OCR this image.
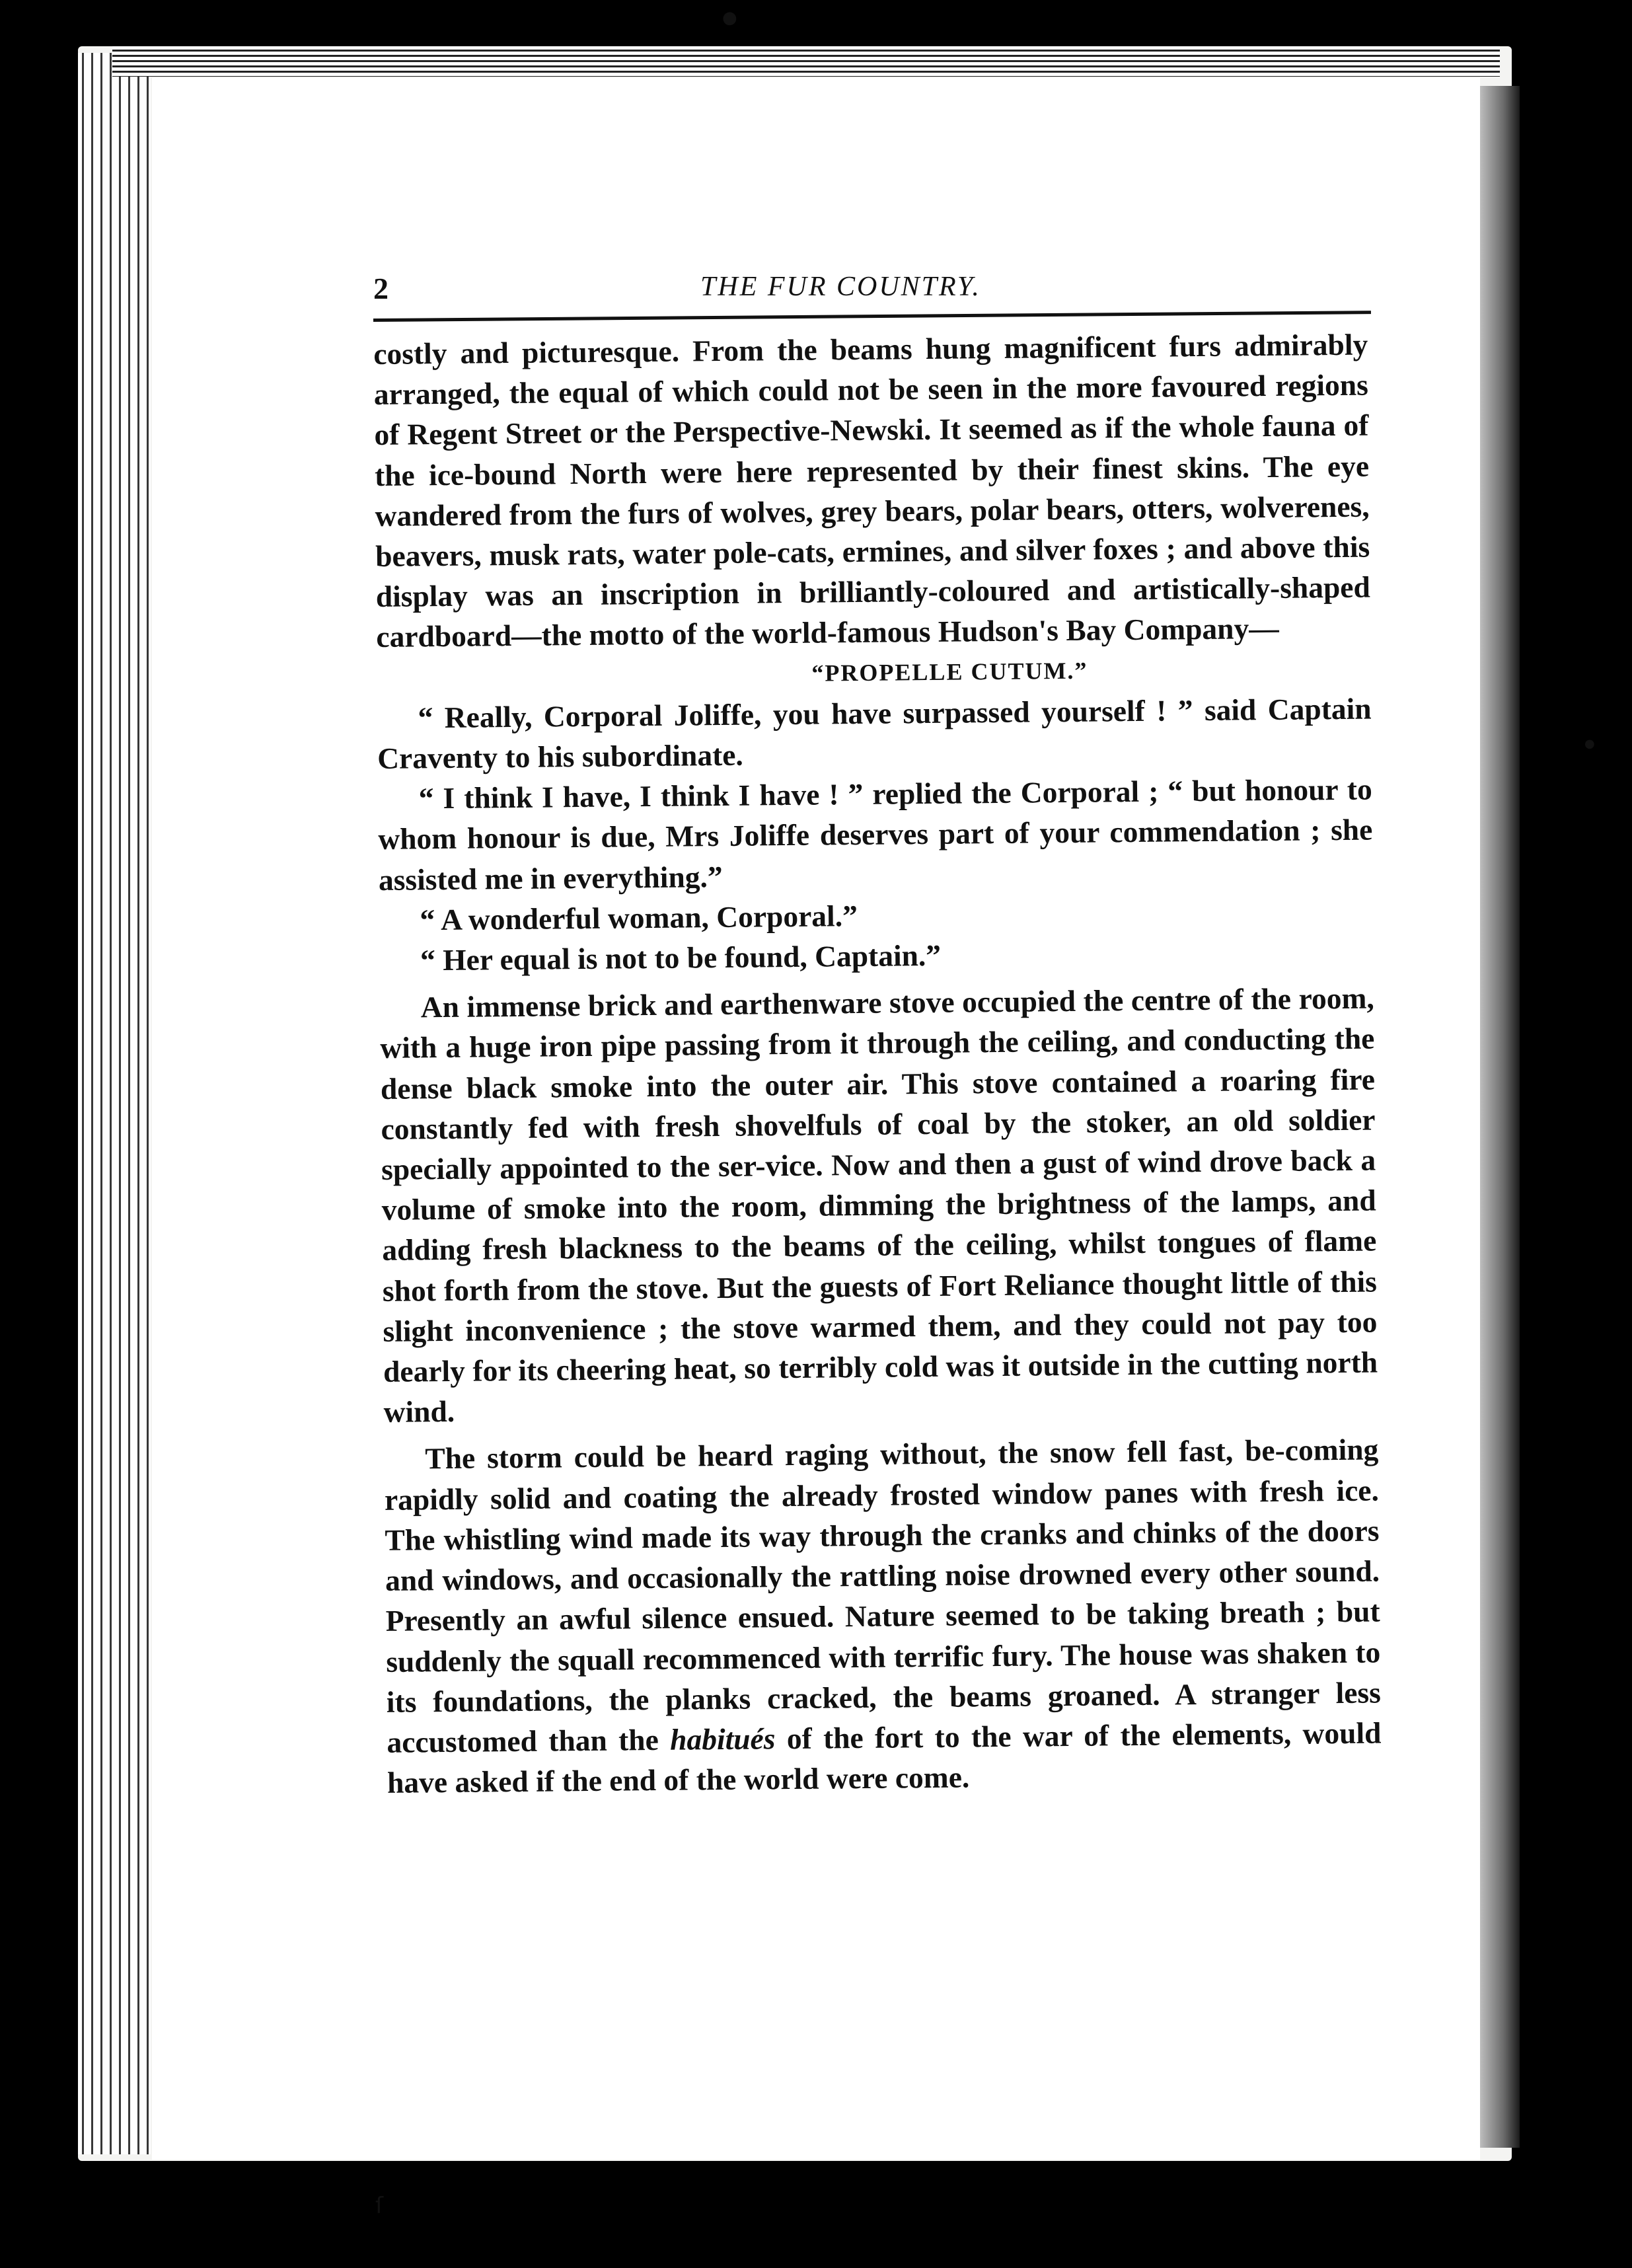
●
●
ſ
2	THE FUR COUNTRY.

costly and picturesque. From the beams hung magnificent furs admirably arranged, the equal of which could not be seen in the more favoured regions of Regent Street or the Perspective-Newski. It seemed as if the whole fauna of the ice-bound North were here represented by their finest skins. The eye wandered from the furs of wolves, grey bears, polar bears, otters, wolverenes, beavers, musk rats, water pole-cats, ermines, and silver foxes ; and above this display was an inscription in brilliantly-coloured and artistically-shaped cardboard—the motto of the world-famous Hudson's Bay Company—

“PROPELLE CUTUM.”

“ Really, Corporal Joliffe, you have surpassed yourself ! ” said Captain Craventy to his subordinate.

“ I think I have, I think I have ! ” replied the Corporal ; “ but honour to whom honour is due, Mrs Joliffe deserves part of your commendation ; she assisted me in everything.”

“ A wonderful woman, Corporal.”

“ Her equal is not to be found, Captain.”

An immense brick and earthenware stove occupied the centre of the room, with a huge iron pipe passing from it through the ceiling, and conducting the dense black smoke into the outer air. This stove contained a roaring fire constantly fed with fresh shovelfuls of coal by the stoker, an old soldier specially appointed to the ser-vice. Now and then a gust of wind drove back a volume of smoke into the room, dimming the brightness of the lamps, and adding fresh blackness to the beams of the ceiling, whilst tongues of flame shot forth from the stove. But the guests of Fort Reliance thought little of this slight inconvenience ; the stove warmed them, and they could not pay too dearly for its cheering heat, so terribly cold was it outside in the cutting north wind.

The storm could be heard raging without, the snow fell fast, be-coming rapidly solid and coating the already frosted window panes with fresh ice. The whistling wind made its way through the cranks and chinks of the doors and windows, and occasionally the rattling noise drowned every other sound. Presently an awful silence ensued. Nature seemed to be taking breath ; but suddenly the squall recommenced with terrific fury. The house was shaken to its foundations, the planks cracked, the beams groaned. A stranger less accustomed than the habitués of the fort to the war of the elements, would have asked if the end of the world were come.
